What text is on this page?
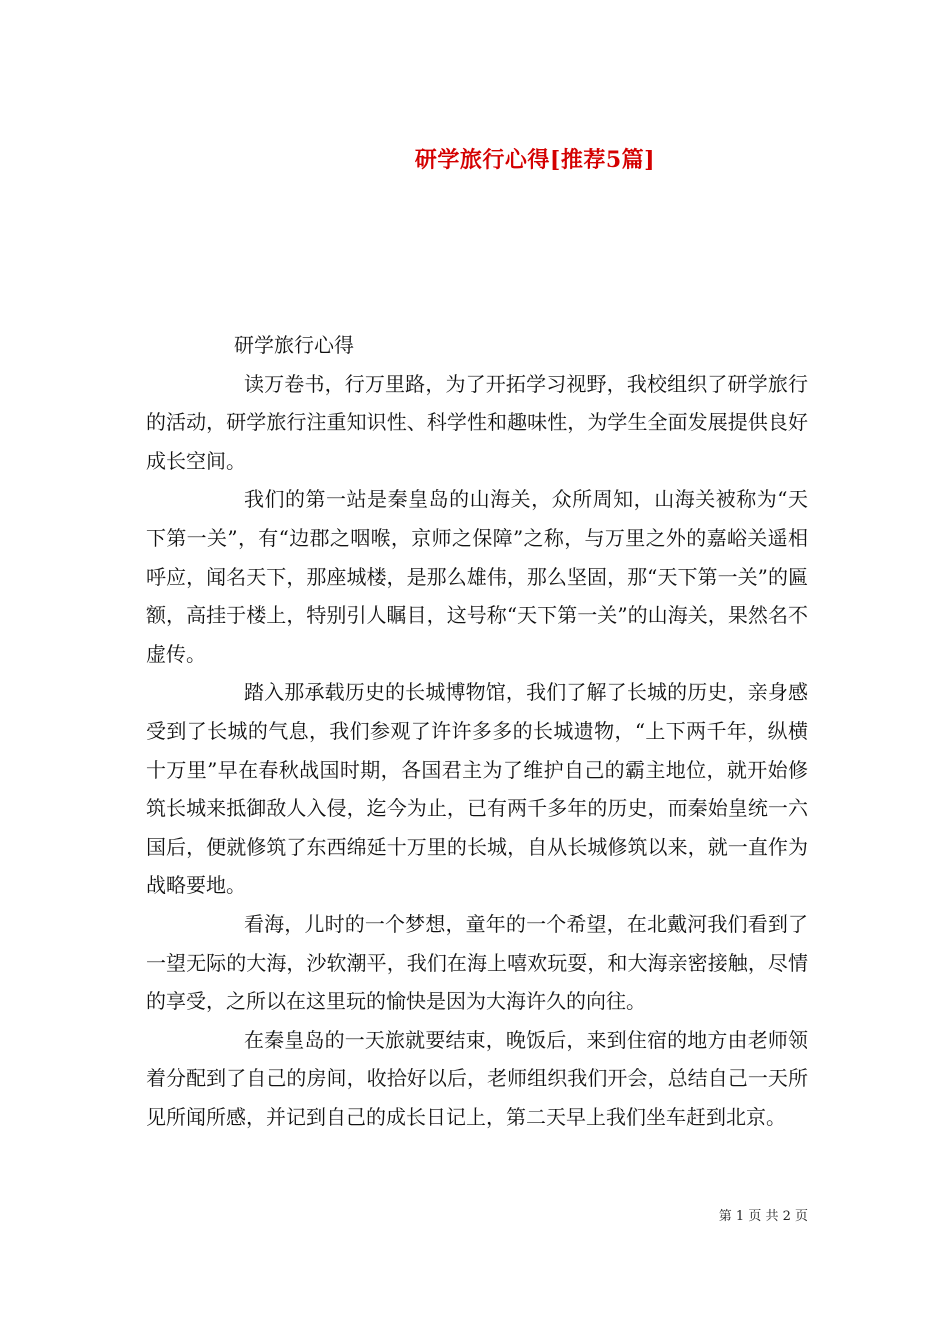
研学旅行心得[推荐5篇]

研学旅行心得

读万卷书，行万里路，为了开拓学习视野，我校组织了研学旅行的活动，研学旅行注重知识性、科学性和趣味性，为学生全面发展提供良好成长空间。

我们的第一站是秦皇岛的山海关，众所周知，山海关被称为“天下第一关”，有“边郡之咽喉，京师之保障”之称，与万里之外的嘉峪关遥相呼应，闻名天下，那座城楼，是那么雄伟，那么坚固，那“天下第一关”的匾额，高挂于楼上，特别引人瞩目，这号称“天下第一关”的山海关，果然名不虚传。

踏入那承载历史的长城博物馆，我们了解了长城的历史，亲身感受到了长城的气息，我们参观了许许多多的长城遗物，“上下两千年，纵横十万里”早在春秋战国时期，各国君主为了维护自己的霸主地位，就开始修筑长城来抵御敌人入侵，迄今为止，已有两千多年的历史，而秦始皇统一六国后，便就修筑了东西绵延十万里的长城，自从长城修筑以来，就一直作为战略要地。

看海，儿时的一个梦想，童年的一个希望，在北戴河我们看到了一望无际的大海，沙软潮平，我们在海上嘻欢玩耍，和大海亲密接触，尽情的享受，之所以在这里玩的愉快是因为大海许久的向往。

在秦皇岛的一天旅就要结束，晚饭后，来到住宿的地方由老师领着分配到了自己的房间，收拾好以后，老师组织我们开会，总结自己一天所见所闻所感，并记到自己的成长日记上，第二天早上我们坐车赶到北京。

第 1 页 共 2 页
